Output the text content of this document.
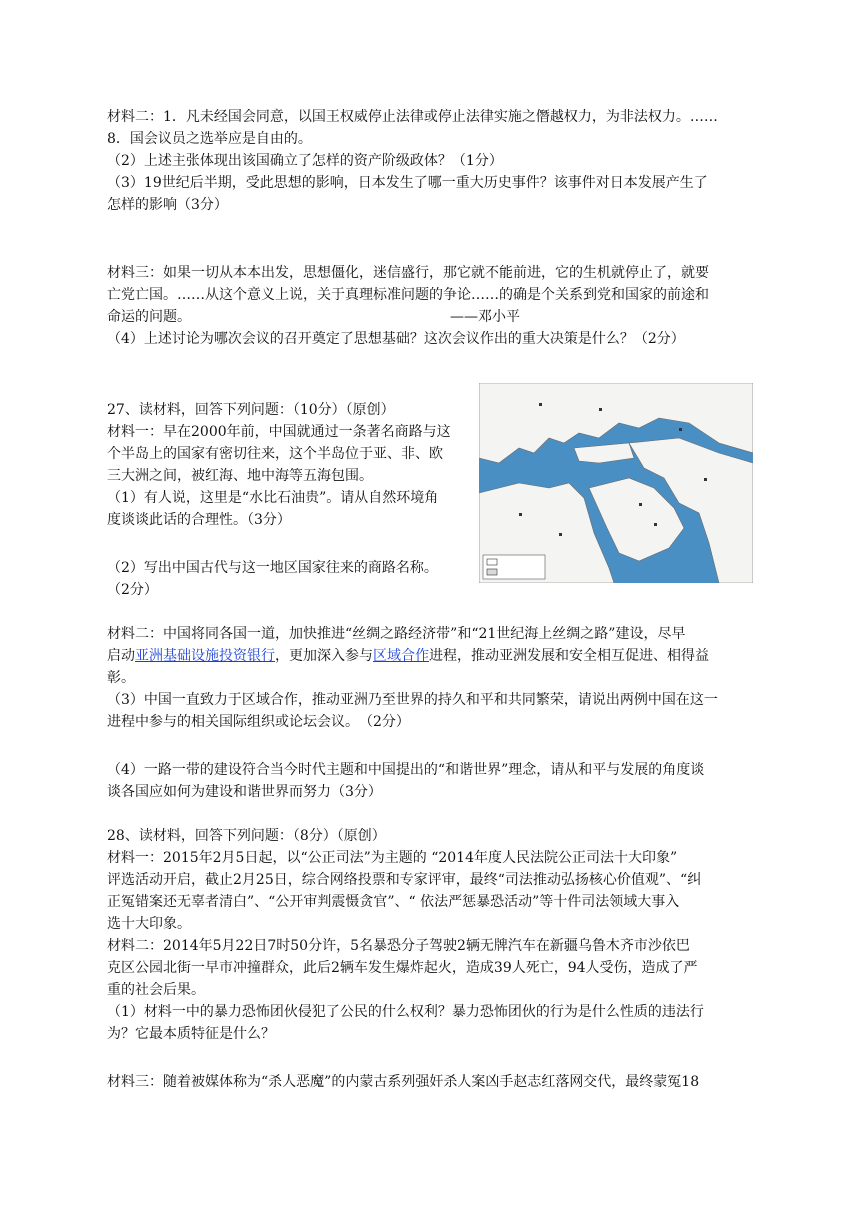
材料二：1．凡未经国会同意，以国王权威停止法律或停止法律实施之僭越权力，为非法权力。……
8．国会议员之选举应是自由的。
（2）上述主张体现出该国确立了怎样的资产阶级政体？（1分）
（3）19世纪后半期，受此思想的影响，日本发生了哪一重大历史事件？该事件对日本发展产生了
怎样的影响（3分）
材料三：如果一切从本本出发，思想僵化，迷信盛行，那它就不能前进，它的生机就停止了，就要
亡党亡国。……从这个意义上说，关于真理标准问题的争论……的确是个关系到党和国家的前途和
命运的问题。	——邓小平
（4）上述讨论为哪次会议的召开奠定了思想基础？这次会议作出的重大决策是什么？（2分）
27、读材料，回答下列问题：（10分）（原创）
材料一：早在2000年前，中国就通过一条著名商路与这
个半岛上的国家有密切往来，这个半岛位于亚、非、欧
三大洲之间，被红海、地中海等五海包围。
（1）有人说，这里是“水比石油贵”。请从自然环境角
度谈谈此话的合理性。（3分）
（2）写出中国古代与这一地区国家往来的商路名称。
（2分）
材料二：中国将同各国一道，加快推进“丝绸之路经济带”和“21世纪海上丝绸之路”建设，尽早
启动亚洲基础设施投资银行，更加深入参与区域合作进程，推动亚洲发展和安全相互促进、相得益
彰。
（3）中国一直致力于区域合作，推动亚洲乃至世界的持久和平和共同繁荣，请说出两例中国在这一
进程中参与的相关国际组织或论坛会议。　（2分）
（4）一路一带的建设符合当今时代主题和中国提出的“和谐世界”理念，请从和平与发展的角度谈
谈各国应如何为建设和谐世界而努力（3分）
28、读材料，回答下列问题：（8分）（原创）
材料一：2015年2月5日起，以“公正司法”为主题的 “2014年度人民法院公正司法十大印象”
评选活动开启，截止2月25日，综合网络投票和专家评审，最终“司法推动弘扬核心价值观”、“纠
正冤错案还无辜者清白”、“公开审判震慑贪官”、“ 依法严惩暴恐活动”等十件司法领域大事入
选十大印象。
材料二：2014年5月22日7时50分许，5名暴恐分子驾驶2辆无牌汽车在新疆乌鲁木齐市沙依巴
克区公园北街一早市冲撞群众，此后2辆车发生爆炸起火，造成39人死亡，94人受伤，造成了严
重的社会后果。
（1）材料一中的暴力恐怖团伙侵犯了公民的什么权利？暴力恐怖团伙的行为是什么性质的违法行
为？它最本质特征是什么？
材料三：随着被媒体称为“杀人恶魔”的内蒙古系列强奸杀人案凶手赵志红落网交代，最终蒙冤18
